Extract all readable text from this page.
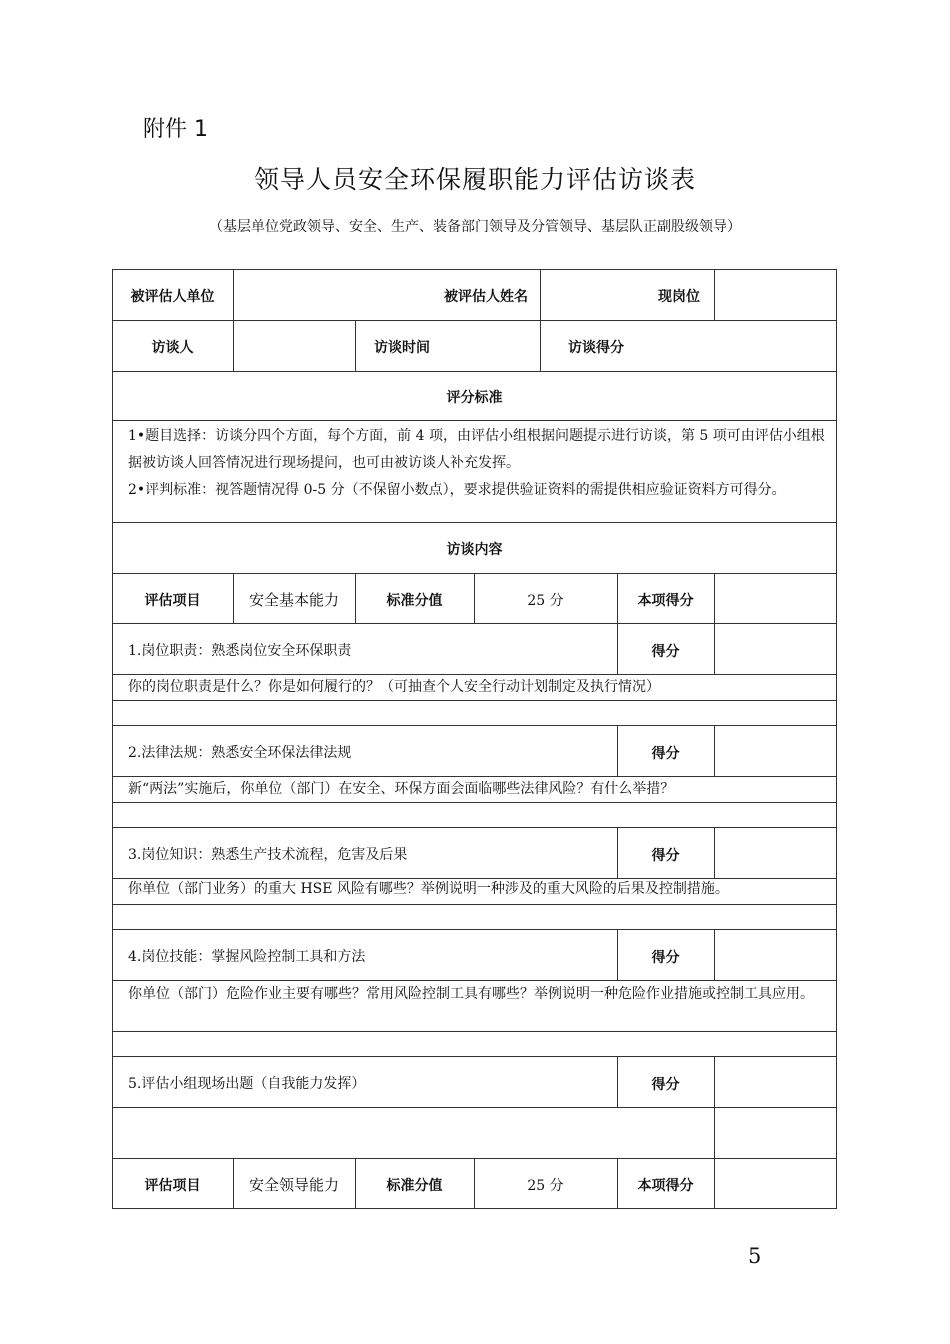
附件 1
领导人员安全环保履职能力评估访谈表
（基层单位党政领导、安全、生产、装备部门领导及分管领导、基层队正副股级领导）
被评估人单位	被评估人姓名	现岗位
访谈人	访谈时间	访谈得分
评分标准
1•题目选择：访谈分四个方面，每个方面，前 4 项，由评估小组根据问题提示进行访谈，第 5 项可由评估小组根据被访谈人回答情况进行现场提问，也可由被访谈人补充发挥。
2•评判标准：视答题情况得 0-5 分（不保留小数点），要求提供验证资料的需提供相应验证资料方可得分。
访谈内容
评估项目	安全基本能力	标准分值	25 分	本项得分
1.岗位职责：熟悉岗位安全环保职责	得分
你的岗位职责是什么？你是如何履行的？（可抽查个人安全行动计划制定及执行情况）
2.法律法规：熟悉安全环保法律法规	得分
新“两法”实施后，你单位（部门）在安全、环保方面会面临哪些法律风险？有什么举措？
3.岗位知识：熟悉生产技术流程，危害及后果	得分
你单位（部门业务）的重大 HSE 风险有哪些？举例说明一种涉及的重大风险的后果及控制措施。
4.岗位技能：掌握风险控制工具和方法	得分
你单位（部门）危险作业主要有哪些？常用风险控制工具有哪些？举例说明一种危险作业措施或控制工具应用。
5.评估小组现场出题（自我能力发挥）	得分
评估项目	安全领导能力	标准分值	25 分	本项得分
5
